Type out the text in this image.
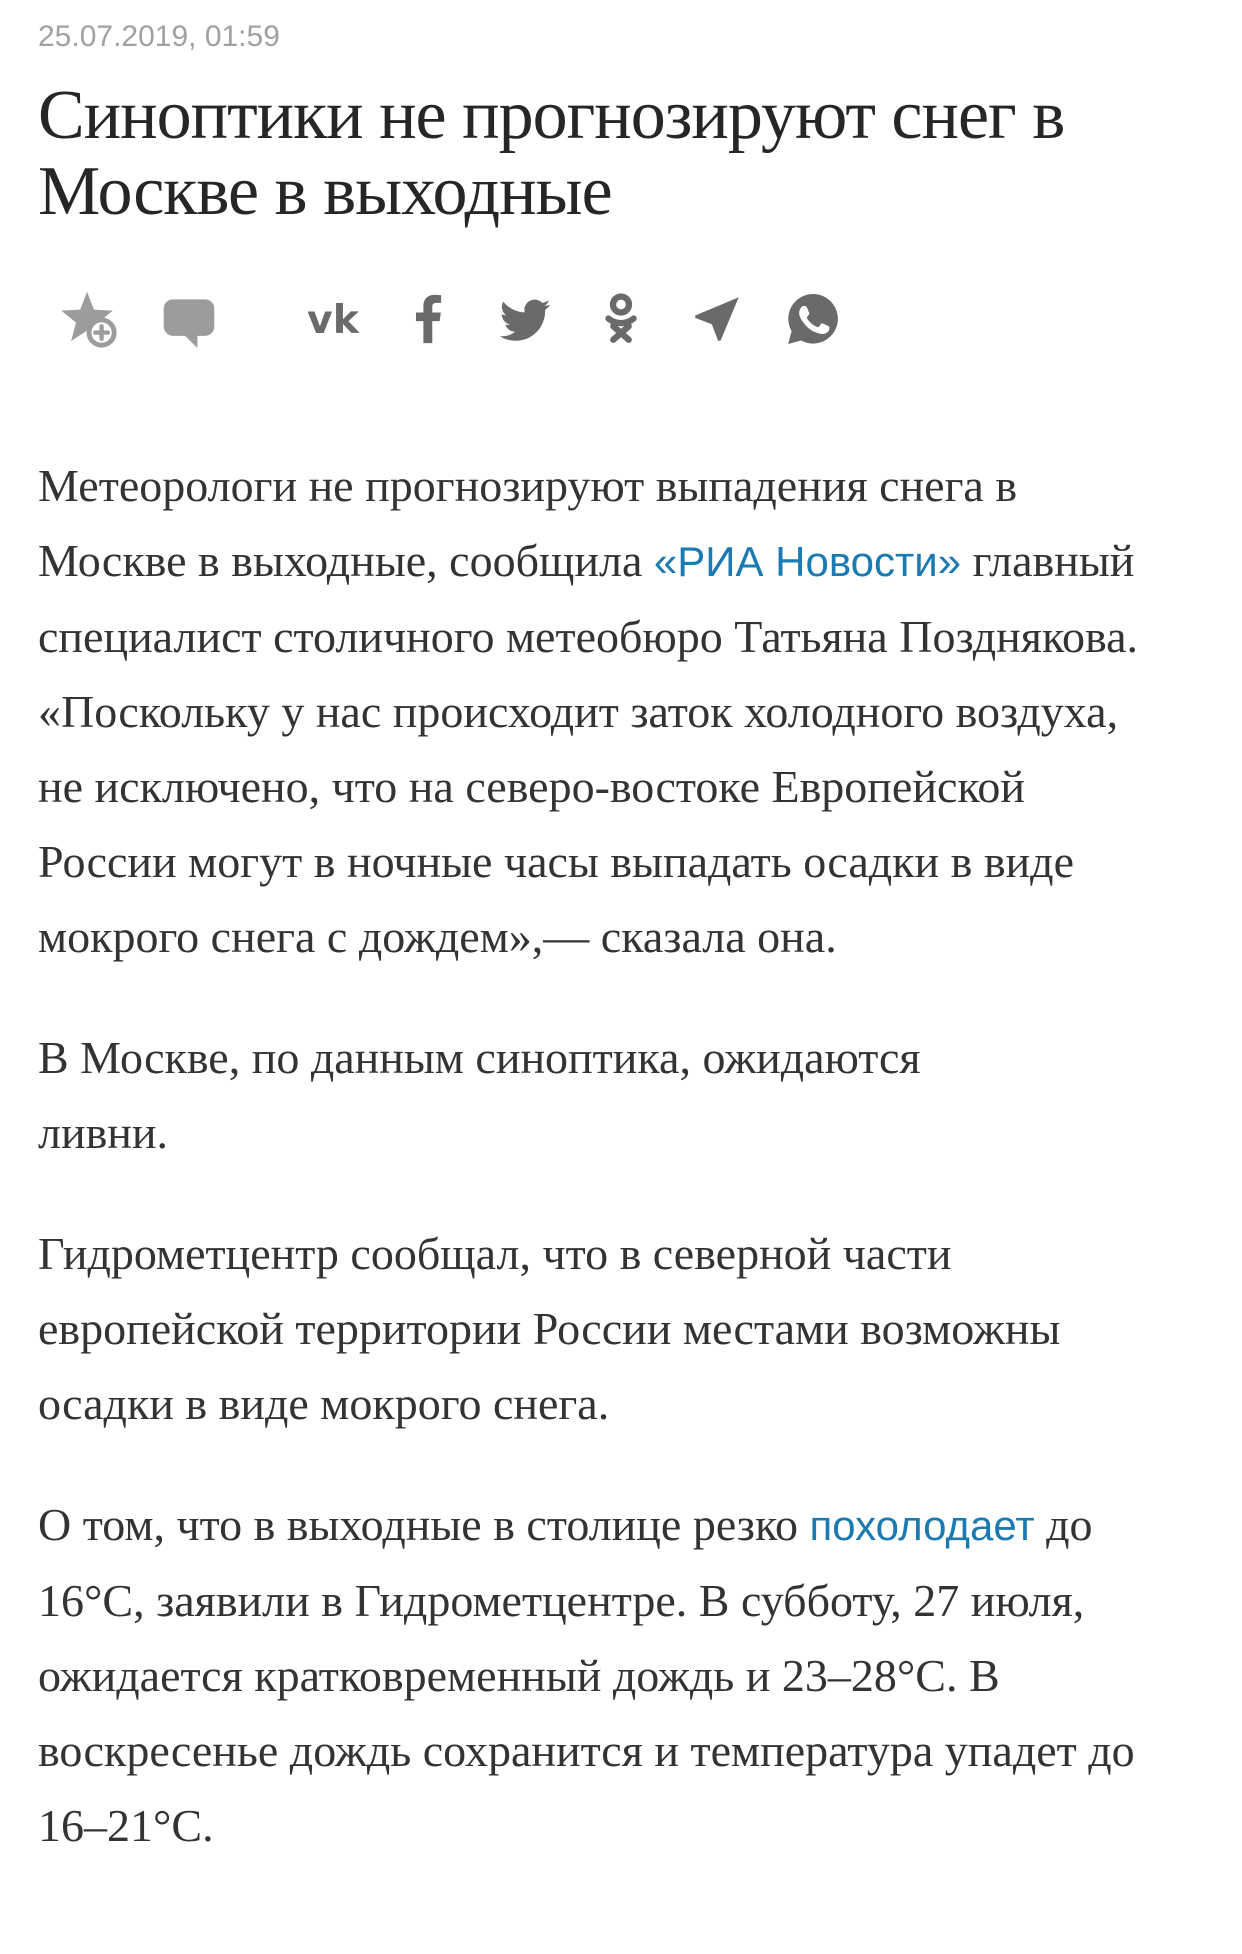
25.07.2019, 01:59
Синоптики не прогнозируют снег в Москве в выходные
vk

Метеорологи не прогнозируют выпадения снега в Москве в выходные, сообщила «РИА Новости» главный специалист столичного метеобюро Татьяна Позднякова. «Поскольку у нас происходит заток холодного воздуха, не исключено, что на северо-востоке Европейской России могут в ночные часы выпадать осадки в виде мокрого снега с дождем»,— сказала она.

В Москве, по данным синоптика, ожидаются
ливни.

Гидрометцентр сообщал, что в северной части европейской территории России местами возможны осадки в виде мокрого снега.

О том, что в выходные в столице резко похолодает до 16°С, заявили в Гидрометцентре. В субботу, 27 июля, ожидается кратковременный дождь и 23–28°С. В воскресенье дождь сохранится и температура упадет до 16–21°С.
